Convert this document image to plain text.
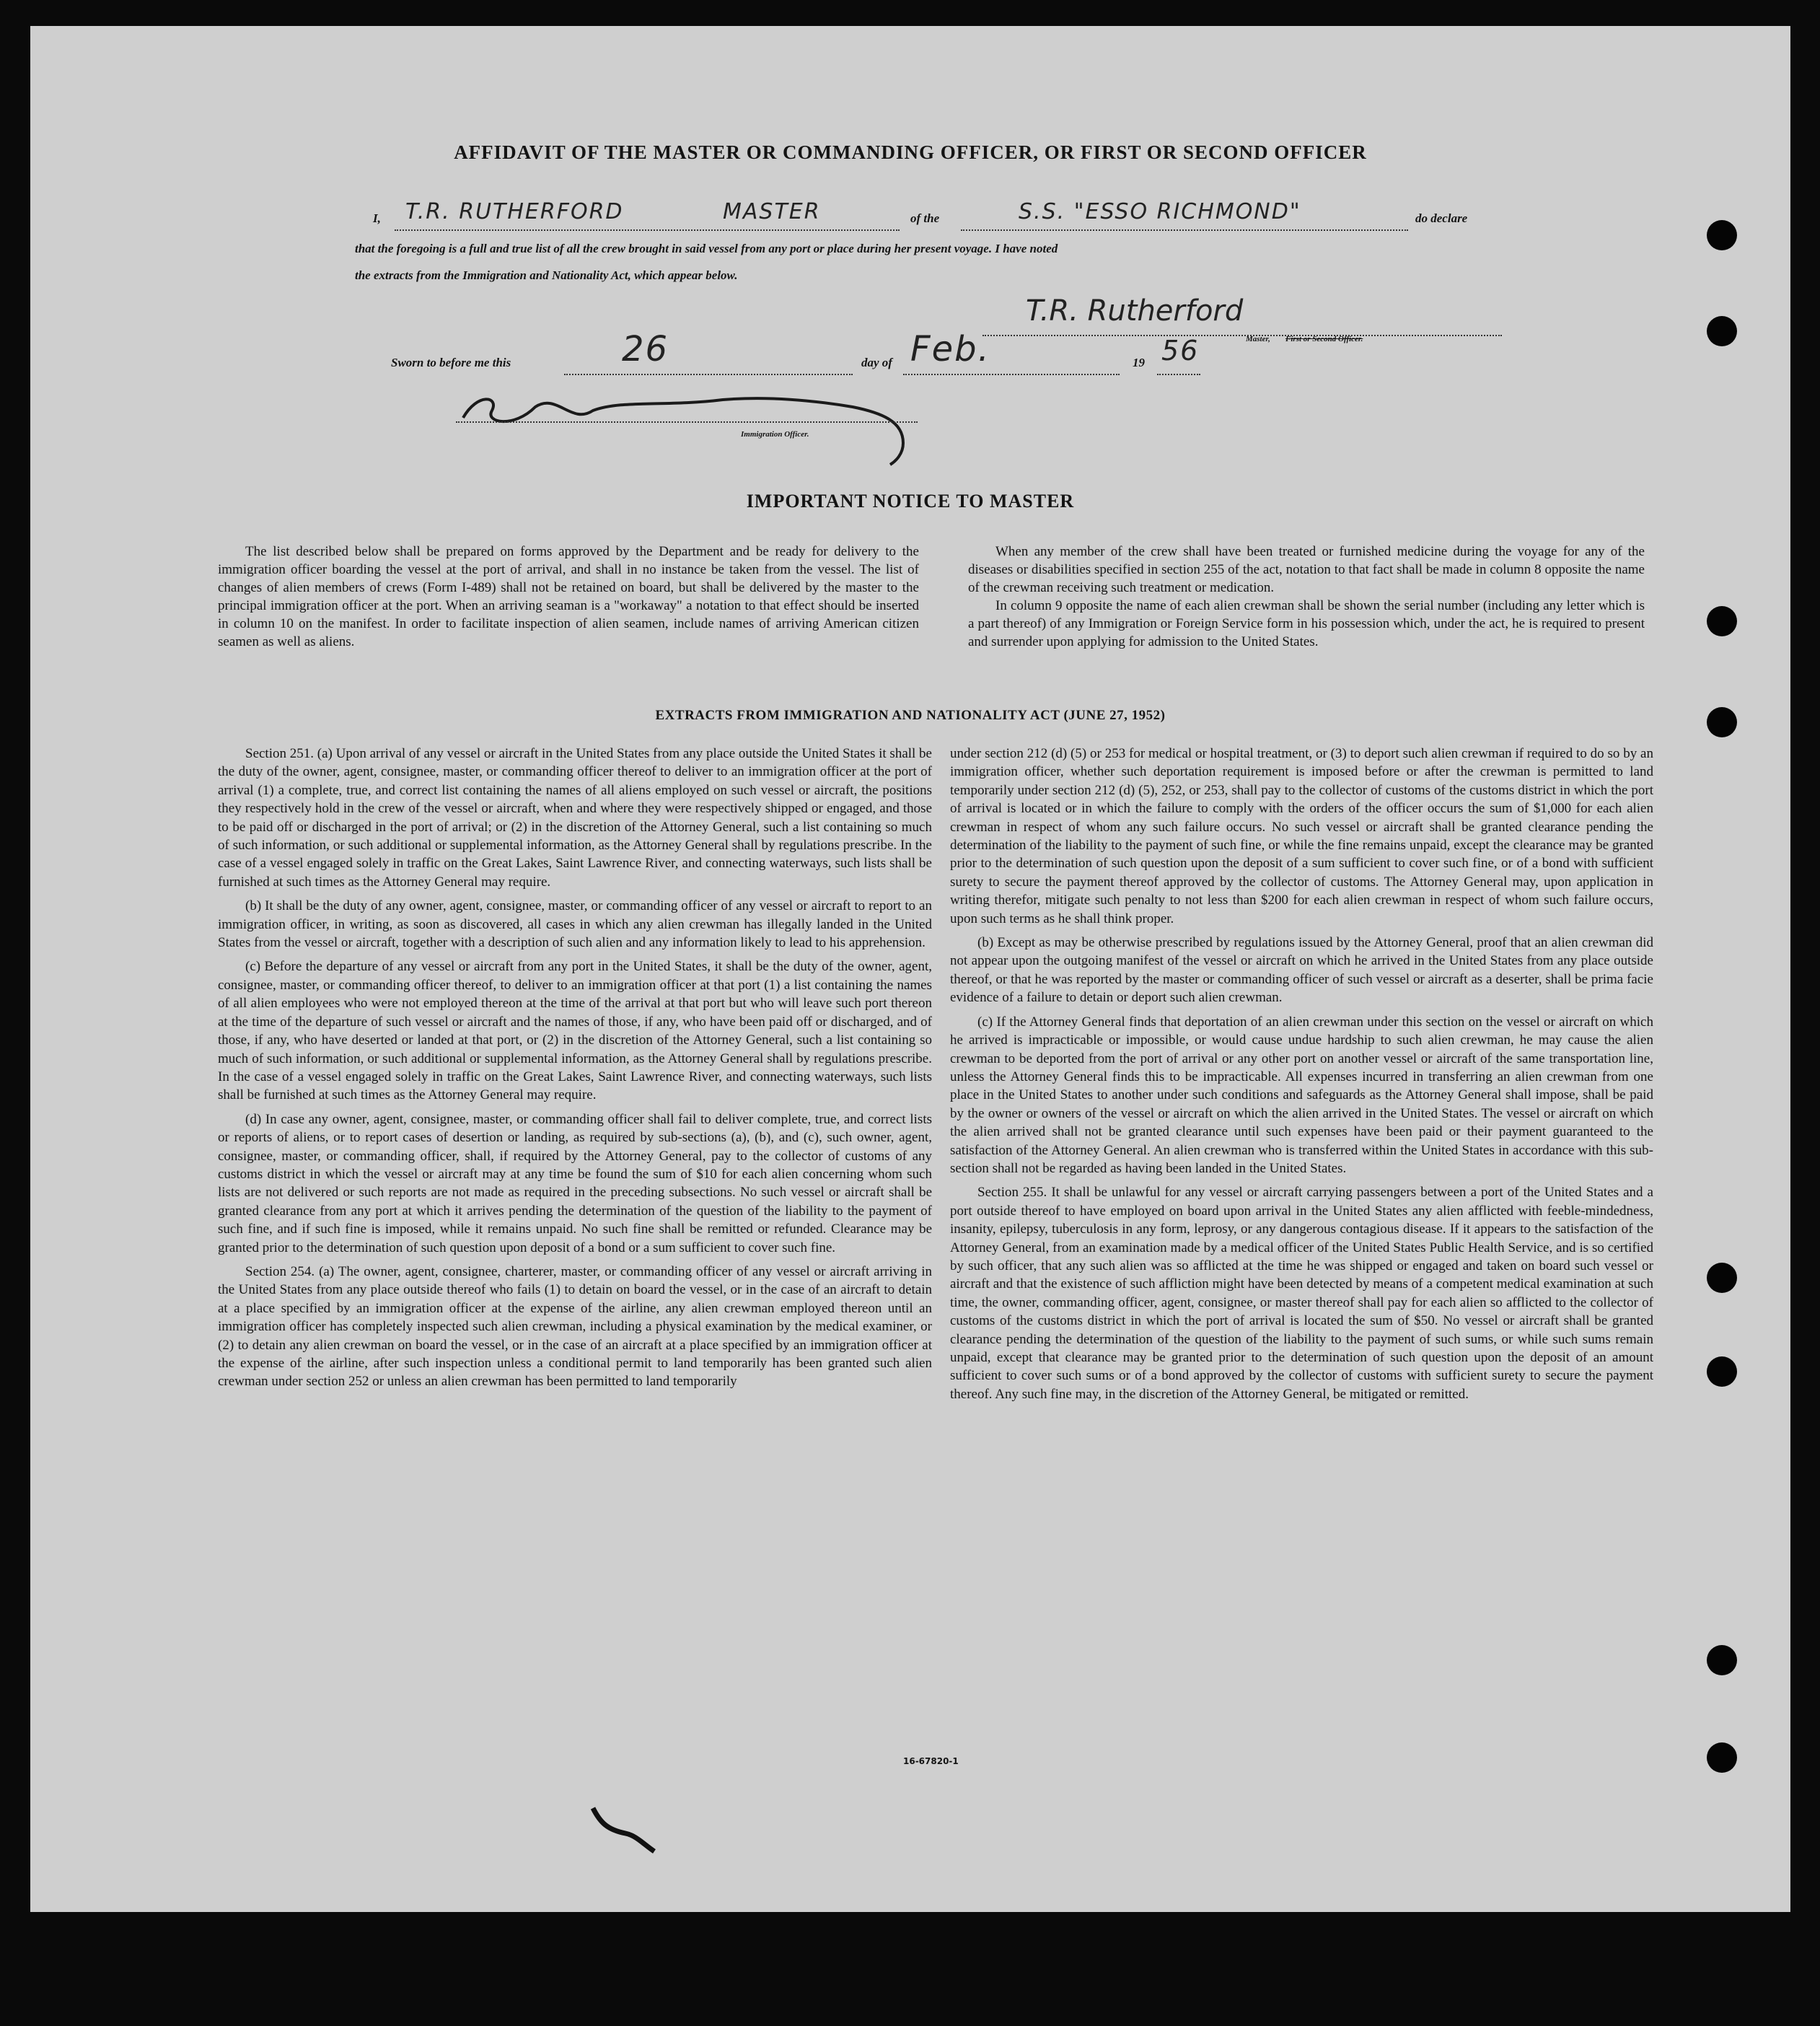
AFFIDAVIT OF THE MASTER OR COMMANDING OFFICER, OR FIRST OR SECOND OFFICER
I, T.R. RUTHERFORD	MASTER	of the	S.S. "ESSO RICHMOND"	do declare
that the foregoing is a full and true list of all the crew brought in said vessel from any port or place during her present voyage. I have noted
the extracts from the Immigration and Nationality Act, which appear below.
T.R. Rutherford
Master, First or Second Officer.
Sworn to before me this	26	day of Feb.	19 56
Immigration Officer.
IMPORTANT NOTICE TO MASTER

The list described below shall be prepared on forms approved by the Department and be ready for delivery to the immigration officer boarding the vessel at the port of arrival, and shall in no instance be taken from the vessel. The list of changes of alien members of crews (Form I-489) shall not be retained on board, but shall be delivered by the master to the principal immigration officer at the port. When an arriving seaman is a "workaway" a notation to that effect should be inserted in column 10 on the manifest. In order to facilitate inspection of alien seamen, include names of arriving American citizen seamen as well as aliens.

When any member of the crew shall have been treated or furnished medicine during the voyage for any of the diseases or disabilities specified in section 255 of the act, notation to that fact shall be made in column 8 opposite the name of the crewman receiving such treatment or medication.

In column 9 opposite the name of each alien crewman shall be shown the serial number (including any letter which is a part thereof) of any Immigration or Foreign Service form in his possession which, under the act, he is required to present and surrender upon applying for admission to the United States.

EXTRACTS FROM IMMIGRATION AND NATIONALITY ACT (JUNE 27, 1952)

Section 251. (a) Upon arrival of any vessel or aircraft in the United States from any place outside the United States it shall be the duty of the owner, agent, consignee, master, or commanding officer thereof to deliver to an immigration officer at the port of arrival (1) a complete, true, and correct list containing the names of all aliens employed on such vessel or aircraft, the positions they respectively hold in the crew of the vessel or aircraft, when and where they were respectively shipped or engaged, and those to be paid off or discharged in the port of arrival; or (2) in the discretion of the Attorney General, such a list containing so much of such information, or such additional or supplemental information, as the Attorney General shall by regulations prescribe. In the case of a vessel engaged solely in traffic on the Great Lakes, Saint Lawrence River, and connecting waterways, such lists shall be furnished at such times as the Attorney General may require.

(b) It shall be the duty of any owner, agent, consignee, master, or commanding officer of any vessel or aircraft to report to an immigration officer, in writing, as soon as discovered, all cases in which any alien crewman has illegally landed in the United States from the vessel or aircraft, together with a description of such alien and any information likely to lead to his apprehension.

(c) Before the departure of any vessel or aircraft from any port in the United States, it shall be the duty of the owner, agent, consignee, master, or commanding officer thereof, to deliver to an immigration officer at that port (1) a list containing the names of all alien employees who were not employed thereon at the time of the arrival at that port but who will leave such port thereon at the time of the departure of such vessel or aircraft and the names of those, if any, who have been paid off or discharged, and of those, if any, who have deserted or landed at that port, or (2) in the discretion of the Attorney General, such a list containing so much of such information, or such additional or supplemental information, as the Attorney General shall by regulations prescribe. In the case of a vessel engaged solely in traffic on the Great Lakes, Saint Lawrence River, and connecting waterways, such lists shall be furnished at such times as the Attorney General may require.

(d) In case any owner, agent, consignee, master, or commanding officer shall fail to deliver complete, true, and correct lists or reports of aliens, or to report cases of desertion or landing, as required by sub-sections (a), (b), and (c), such owner, agent, consignee, master, or commanding officer, shall, if required by the Attorney General, pay to the collector of customs of any customs district in which the vessel or aircraft may at any time be found the sum of $10 for each alien concerning whom such lists are not delivered or such reports are not made as required in the preceding subsections. No such vessel or aircraft shall be granted clearance from any port at which it arrives pending the determination of the question of the liability to the payment of such fine, and if such fine is imposed, while it remains unpaid. No such fine shall be remitted or refunded. Clearance may be granted prior to the determination of such question upon deposit of a bond or a sum sufficient to cover such fine.

Section 254. (a) The owner, agent, consignee, charterer, master, or commanding officer of any vessel or aircraft arriving in the United States from any place outside thereof who fails (1) to detain on board the vessel, or in the case of an aircraft to detain at a place specified by an immigration officer at the expense of the airline, any alien crewman employed thereon until an immigration officer has completely inspected such alien crewman, including a physical examination by the medical examiner, or (2) to detain any alien crewman on board the vessel, or in the case of an aircraft at a place specified by an immigration officer at the expense of the airline, after such inspection unless a conditional permit to land temporarily has been granted such alien crewman under section 252 or unless an alien crewman has been permitted to land temporarily

under section 212 (d) (5) or 253 for medical or hospital treatment, or (3) to deport such alien crewman if required to do so by an immigration officer, whether such deportation requirement is imposed before or after the crewman is permitted to land temporarily under section 212 (d) (5), 252, or 253, shall pay to the collector of customs of the customs district in which the port of arrival is located or in which the failure to comply with the orders of the officer occurs the sum of $1,000 for each alien crewman in respect of whom any such failure occurs. No such vessel or aircraft shall be granted clearance pending the determination of the liability to the payment of such fine, or while the fine remains unpaid, except the clearance may be granted prior to the determination of such question upon the deposit of a sum sufficient to cover such fine, or of a bond with sufficient surety to secure the payment thereof approved by the collector of customs. The Attorney General may, upon application in writing therefor, mitigate such penalty to not less than $200 for each alien crewman in respect of whom such failure occurs, upon such terms as he shall think proper.

(b) Except as may be otherwise prescribed by regulations issued by the Attorney General, proof that an alien crewman did not appear upon the outgoing manifest of the vessel or aircraft on which he arrived in the United States from any place outside thereof, or that he was reported by the master or commanding officer of such vessel or aircraft as a deserter, shall be prima facie evidence of a failure to detain or deport such alien crewman.

(c) If the Attorney General finds that deportation of an alien crewman under this section on the vessel or aircraft on which he arrived is impracticable or impossible, or would cause undue hardship to such alien crewman, he may cause the alien crewman to be deported from the port of arrival or any other port on another vessel or aircraft of the same transportation line, unless the Attorney General finds this to be impracticable. All expenses incurred in transferring an alien crewman from one place in the United States to another under such conditions and safeguards as the Attorney General shall impose, shall be paid by the owner or owners of the vessel or aircraft on which the alien arrived in the United States. The vessel or aircraft on which the alien arrived shall not be granted clearance until such expenses have been paid or their payment guaranteed to the satisfaction of the Attorney General. An alien crewman who is transferred within the United States in accordance with this sub-section shall not be regarded as having been landed in the United States.

Section 255. It shall be unlawful for any vessel or aircraft carrying passengers between a port of the United States and a port outside thereof to have employed on board upon arrival in the United States any alien afflicted with feeble-mindedness, insanity, epilepsy, tuberculosis in any form, leprosy, or any dangerous contagious disease. If it appears to the satisfaction of the Attorney General, from an examination made by a medical officer of the United States Public Health Service, and is so certified by such officer, that any such alien was so afflicted at the time he was shipped or engaged and taken on board such vessel or aircraft and that the existence of such affliction might have been detected by means of a competent medical examination at such time, the owner, commanding officer, agent, consignee, or master thereof shall pay for each alien so afflicted to the collector of customs of the customs district in which the port of arrival is located the sum of $50. No vessel or aircraft shall be granted clearance pending the determination of the question of the liability to the payment of such sums, or while such sums remain unpaid, except that clearance may be granted prior to the determination of such question upon the deposit of an amount sufficient to cover such sums or of a bond approved by the collector of customs with sufficient surety to secure the payment thereof. Any such fine may, in the discretion of the Attorney General, be mitigated or remitted.

16-67820-1
